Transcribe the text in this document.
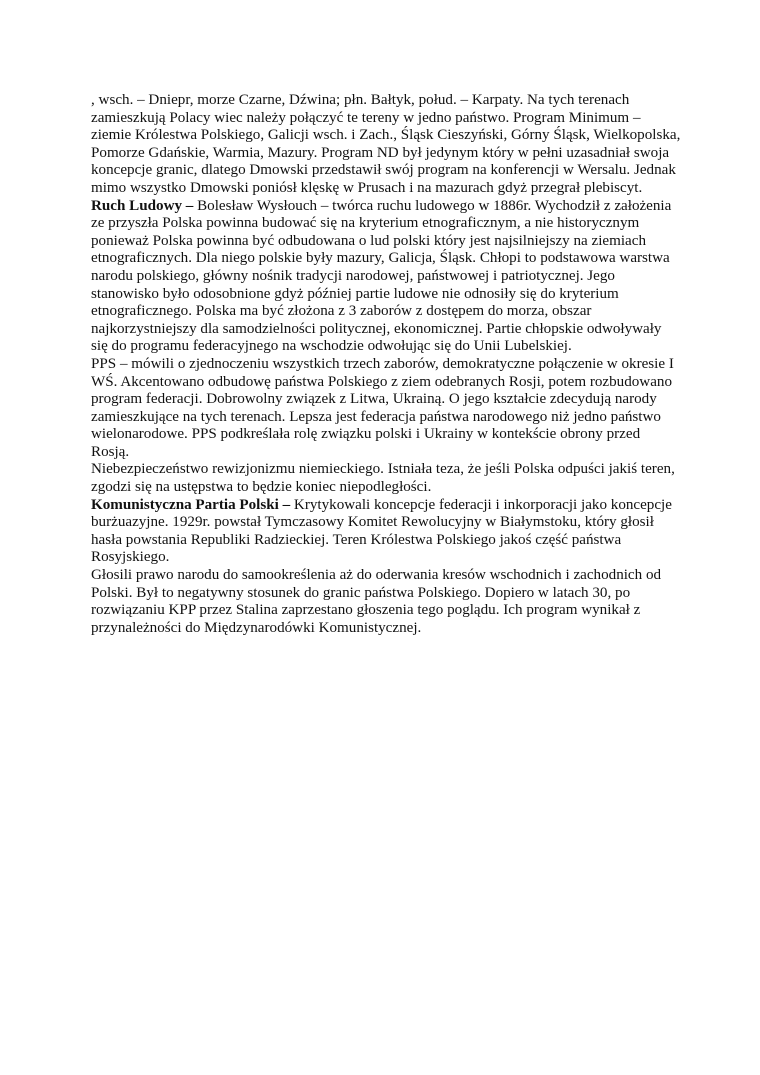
, wsch. – Dniepr, morze Czarne, Dźwina; płn. Bałtyk, połud. – Karpaty. Na tych terenach zamieszkują Polacy wiec należy połączyć te tereny w jedno państwo. Program Minimum – ziemie Królestwa Polskiego, Galicji wsch. i Zach., Śląsk Cieszyński, Górny Śląsk, Wielkopolska, Pomorze Gdańskie, Warmia, Mazury. Program ND był jedynym który w pełni uzasadniał swoja koncepcje granic, dlatego Dmowski przedstawił swój program na konferencji w Wersalu. Jednak mimo wszystko Dmowski poniósł klęskę w Prusach i na mazurach gdyż przegrał plebiscyt.

Ruch Ludowy – Bolesław Wysłouch – twórca ruchu ludowego w 1886r. Wychodził z założenia ze przyszła Polska powinna budować się na kryterium etnograficznym, a nie historycznym ponieważ Polska powinna być odbudowana o lud polski który jest najsilniejszy na ziemiach etnograficznych. Dla niego polskie były mazury, Galicja, Śląsk. Chłopi to podstawowa warstwa narodu polskiego, główny nośnik tradycji narodowej, państwowej i patriotycznej. Jego stanowisko było odosobnione gdyż później partie ludowe nie odnosiły się do kryterium etnograficznego. Polska ma być złożona z 3 zaborów z dostępem do morza, obszar najkorzystniejszy dla samodzielności politycznej, ekonomicznej. Partie chłopskie odwoływały się do programu federacyjnego na wschodzie odwołując się do Unii Lubelskiej.

PPS – mówili o zjednoczeniu wszystkich trzech zaborów, demokratyczne połączenie w okresie I WŚ. Akcentowano odbudowę państwa Polskiego z ziem odebranych Rosji, potem rozbudowano program federacji. Dobrowolny związek z Litwa, Ukrainą. O jego kształcie zdecydują narody zamieszkujące na tych terenach. Lepsza jest federacja państwa narodowego niż jedno państwo wielonarodowe. PPS podkreślała rolę związku polski i Ukrainy w kontekście obrony przed Rosją.

Niebezpieczeństwo rewizjonizmu niemieckiego. Istniała teza, że jeśli Polska odpuści jakiś teren, zgodzi się na ustępstwa to będzie koniec niepodległości.

Komunistyczna Partia Polski – Krytykowali koncepcje federacji i inkorporacji jako koncepcje burżuazyjne. 1929r. powstał Tymczasowy Komitet Rewolucyjny w Białymstoku, który głosił hasła powstania Republiki Radzieckiej. Teren Królestwa Polskiego jakoś część państwa Rosyjskiego.

Głosili prawo narodu do samookreślenia aż do oderwania kresów wschodnich i zachodnich od Polski. Był to negatywny stosunek do granic państwa Polskiego. Dopiero w latach 30, po rozwiązaniu KPP przez Stalina zaprzestano głoszenia tego poglądu. Ich program wynikał z przynależności do Międzynarodówki Komunistycznej.
